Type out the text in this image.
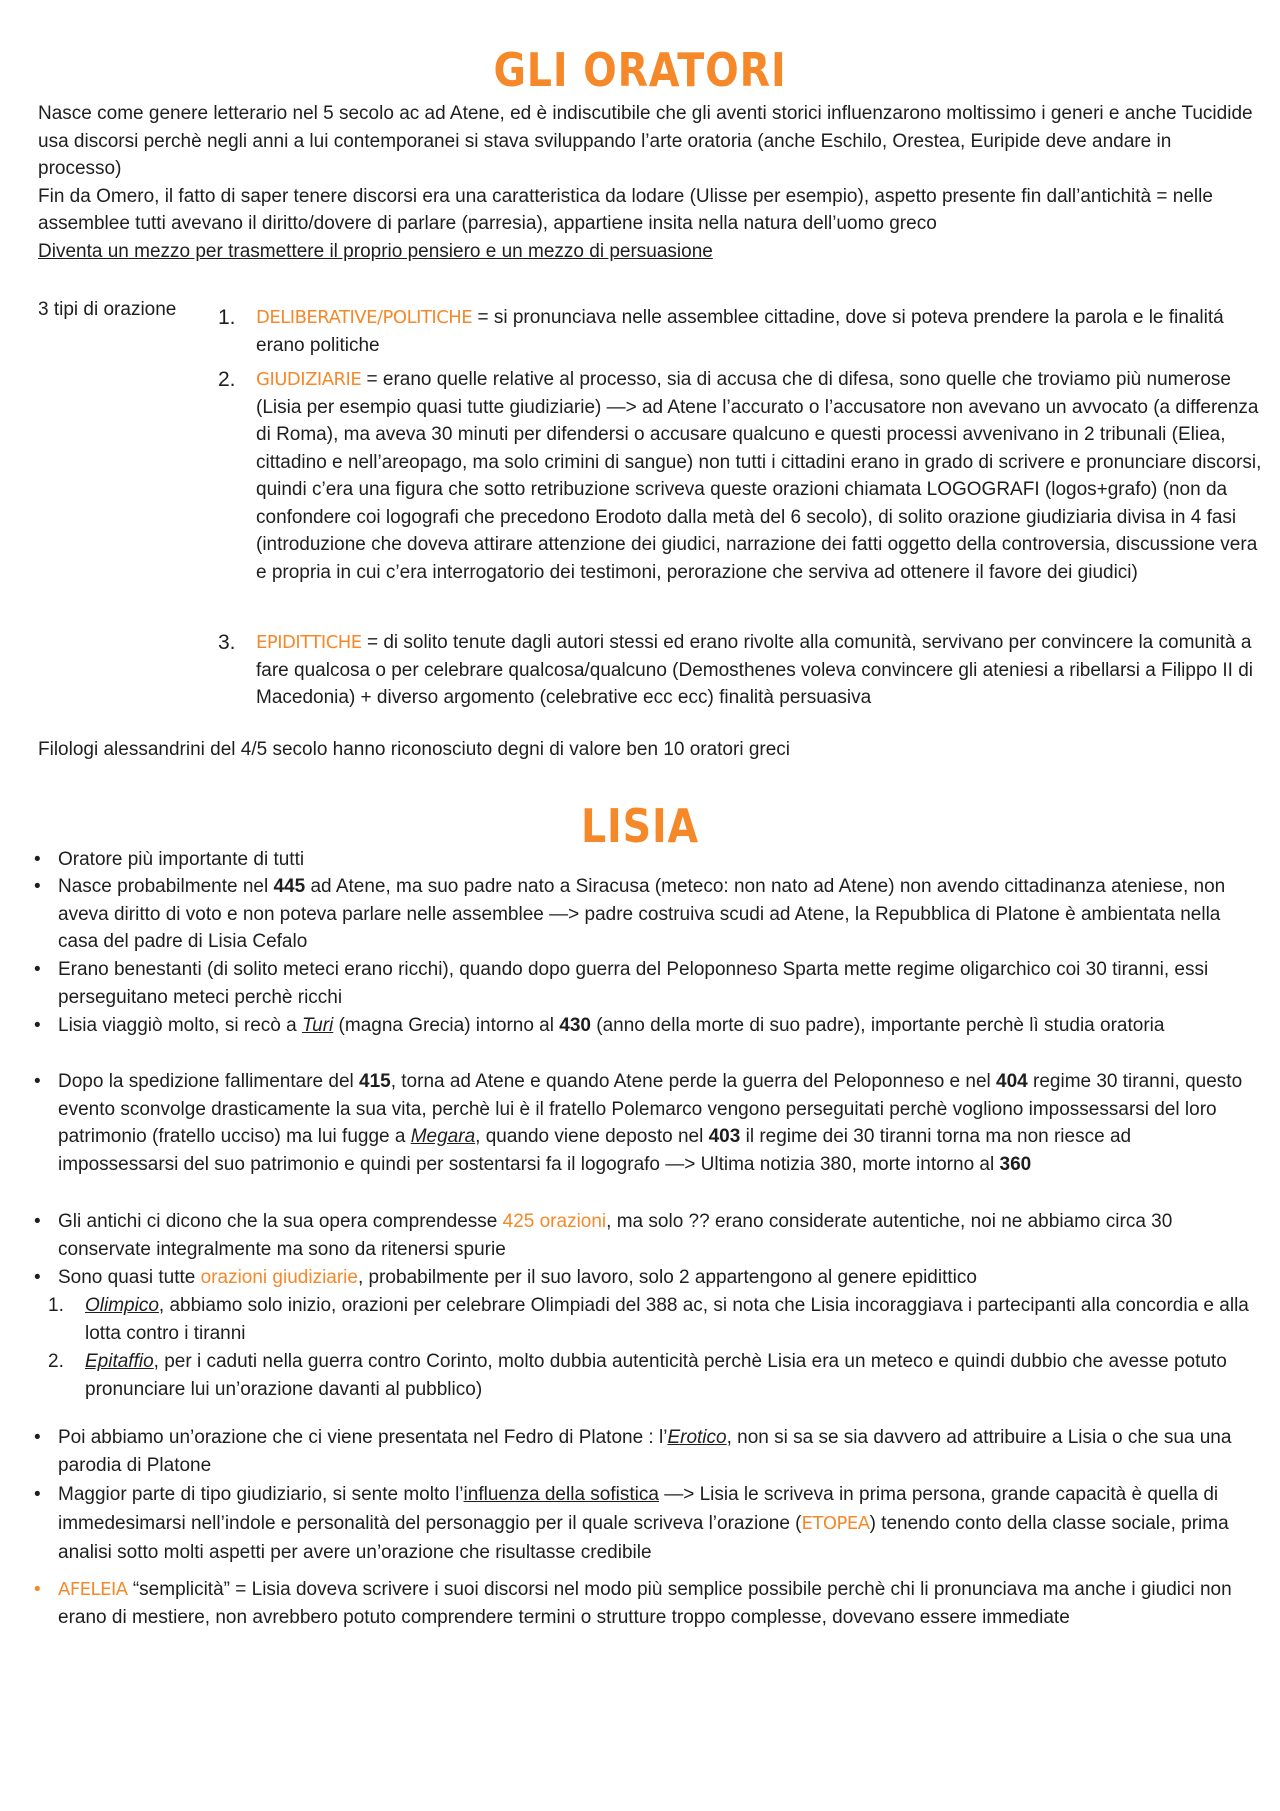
GLI ORATORI

Nasce come genere letterario nel 5 secolo ac ad Atene, ed è indiscutibile che gli aventi storici influenzarono moltissimo i generi e anche Tucidide usa discorsi perchè negli anni a lui contemporanei si stava sviluppando l’arte oratoria (anche Eschilo, Orestea, Euripide deve andare in processo)

Fin da Omero, il fatto di saper tenere discorsi era una caratteristica da lodare (Ulisse per esempio), aspetto presente fin dall’antichità = nelle assemblee tutti avevano il diritto/dovere di parlare (parresia), appartiene insita nella natura dell’uomo greco

Diventa un mezzo per trasmettere il proprio pensiero e un mezzo di persuasione

3 tipi di orazione 1. DELIBERATIVE/POLITICHE = si pronunciava nelle assemblee cittadine, dove si poteva prendere la parola e le finalitá erano politiche
2. GIUDIZIARIE = erano quelle relative al processo, sia di accusa che di difesa, sono quelle che troviamo più numerose (Lisia per esempio quasi tutte giudiziarie) —> ad Atene l’accurato o l’accusatore non avevano un avvocato (a differenza di Roma), ma aveva 30 minuti per difendersi o accusare qualcuno e questi processi avvenivano in 2 tribunali (Eliea, cittadino e nell’areopago, ma solo crimini di sangue) non tutti i cittadini erano in grado di scrivere e pronunciare discorsi, quindi c’era una figura che sotto retribuzione scriveva queste orazioni chiamata LOGOGRAFI (logos+grafo) (non da confondere coi logografi che precedono Erodoto dalla metà del 6 secolo), di solito orazione giudiziaria divisa in 4 fasi (introduzione che doveva attirare attenzione dei giudici, narrazione dei fatti oggetto della controversia, discussione vera e propria in cui c’era interrogatorio dei testimoni, perorazione che serviva ad ottenere il favore dei giudici)
3. EPIDITTICHE = di solito tenute dagli autori stessi ed erano rivolte alla comunità, servivano per convincere la comunità a fare qualcosa o per celebrare qualcosa/qualcuno (Demosthenes voleva convincere gli ateniesi a ribellarsi a Filippo II di Macedonia) + diverso argomento (celebrative ecc ecc) finalità persuasiva
Filologi alessandrini del 4/5 secolo hanno riconosciuto degni di valore ben 10 oratori greci
LISIA
• Oratore più importante di tutti
• Nasce probabilmente nel 445 ad Atene, ma suo padre nato a Siracusa (meteco: non nato ad Atene) non avendo cittadinanza ateniese, non aveva diritto di voto e non poteva parlare nelle assemblee —> padre costruiva scudi ad Atene, la Repubblica di Platone è ambientata nella casa del padre di Lisia Cefalo
• Erano benestanti (di solito meteci erano ricchi), quando dopo guerra del Peloponneso Sparta mette regime oligarchico coi 30 tiranni, essi perseguitano meteci perchè ricchi
• Lisia viaggiò molto, si recò a Turi (magna Grecia) intorno al 430 (anno della morte di suo padre), importante perchè lì studia oratoria
• Dopo la spedizione fallimentare del 415, torna ad Atene e quando Atene perde la guerra del Peloponneso e nel 404 regime 30 tiranni, questo evento sconvolge drasticamente la sua vita, perchè lui è il fratello Polemarco vengono perseguitati perchè vogliono impossessarsi del loro patrimonio (fratello ucciso) ma lui fugge a Megara, quando viene deposto nel 403 il regime dei 30 tiranni torna ma non riesce ad impossessarsi del suo patrimonio e quindi per sostentarsi fa il logografo —> Ultima notizia 380, morte intorno al 360
• Gli antichi ci dicono che la sua opera comprendesse 425 orazioni, ma solo ?? erano considerate autentiche, noi ne abbiamo circa 30 conservate integralmente ma sono da ritenersi spurie
• Sono quasi tutte orazioni giudiziarie, probabilmente per il suo lavoro, solo 2 appartengono al genere epidittico
1. Olimpico, abbiamo solo inizio, orazioni per celebrare Olimpiadi del 388 ac, si nota che Lisia incoraggiava i partecipanti alla concordia e alla lotta contro i tiranni
2. Epitaffio, per i caduti nella guerra contro Corinto, molto dubbia autenticità perchè Lisia era un meteco e quindi dubbio che avesse potuto pronunciare lui un’orazione davanti al pubblico)
• Poi abbiamo un’orazione che ci viene presentata nel Fedro di Platone : l’Erotico, non si sa se sia davvero ad attribuire a Lisia o che sua una parodia di Platone
• Maggior parte di tipo giudiziario, si sente molto l’influenza della sofistica —> Lisia le scriveva in prima persona, grande capacità è quella di immedesimarsi nell’indole e personalità del personaggio per il quale scriveva l’orazione (ETOPEA) tenendo conto della classe sociale, prima analisi sotto molti aspetti per avere un’orazione che risultasse credibile
• AFELEIA “semplicità” = Lisia doveva scrivere i suoi discorsi nel modo più semplice possibile perchè chi li pronunciava ma anche i giudici non erano di mestiere, non avrebbero potuto comprendere termini o strutture troppo complesse, dovevano essere immediate
